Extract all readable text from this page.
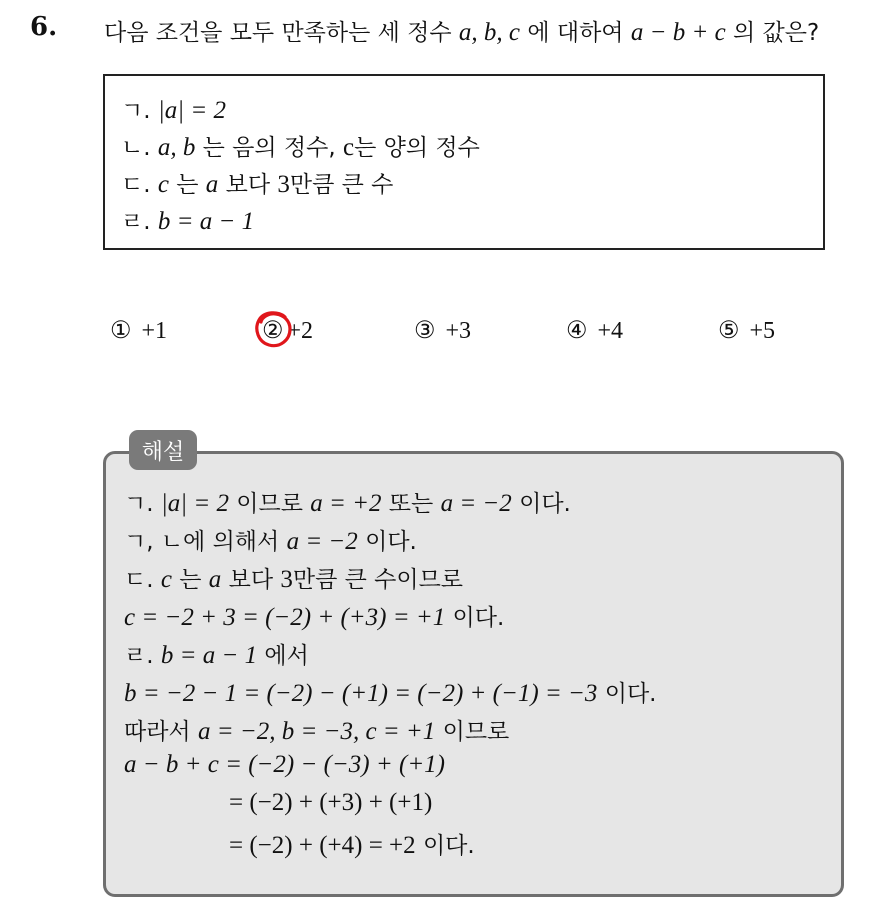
6. 다음 조건을 모두 만족하는 세 정수 a, b, c 에 대하여 a − b + c 의 값은?
ㄱ. |a| = 2
ㄴ. a, b 는 음의 정수, c는 양의 정수
ㄷ. c 는 a 보다 3만큼 큰 수
ㄹ. b = a − 1
① +1	② +2	③ +3	④ +4	⑤ +5
ㄱ. |a| = 2 이므로 a = +2 또는 a = −2 이다.
ㄱ, ㄴ에 의해서 a = −2 이다.
ㄷ. c 는 a 보다 3만큼 큰 수이므로
c = −2 + 3 = (−2) + (+3) = +1 이다.
ㄹ. b = a − 1 에서
b = −2 − 1 = (−2) − (+1) = (−2) + (−1) = −3 이다.
따라서 a = −2, b = −3, c = +1 이므로
a − b + c = (−2) − (−3) + (+1)
= (−2) + (+3) + (+1)
= (−2) + (+4) = +2 이다.
해설
